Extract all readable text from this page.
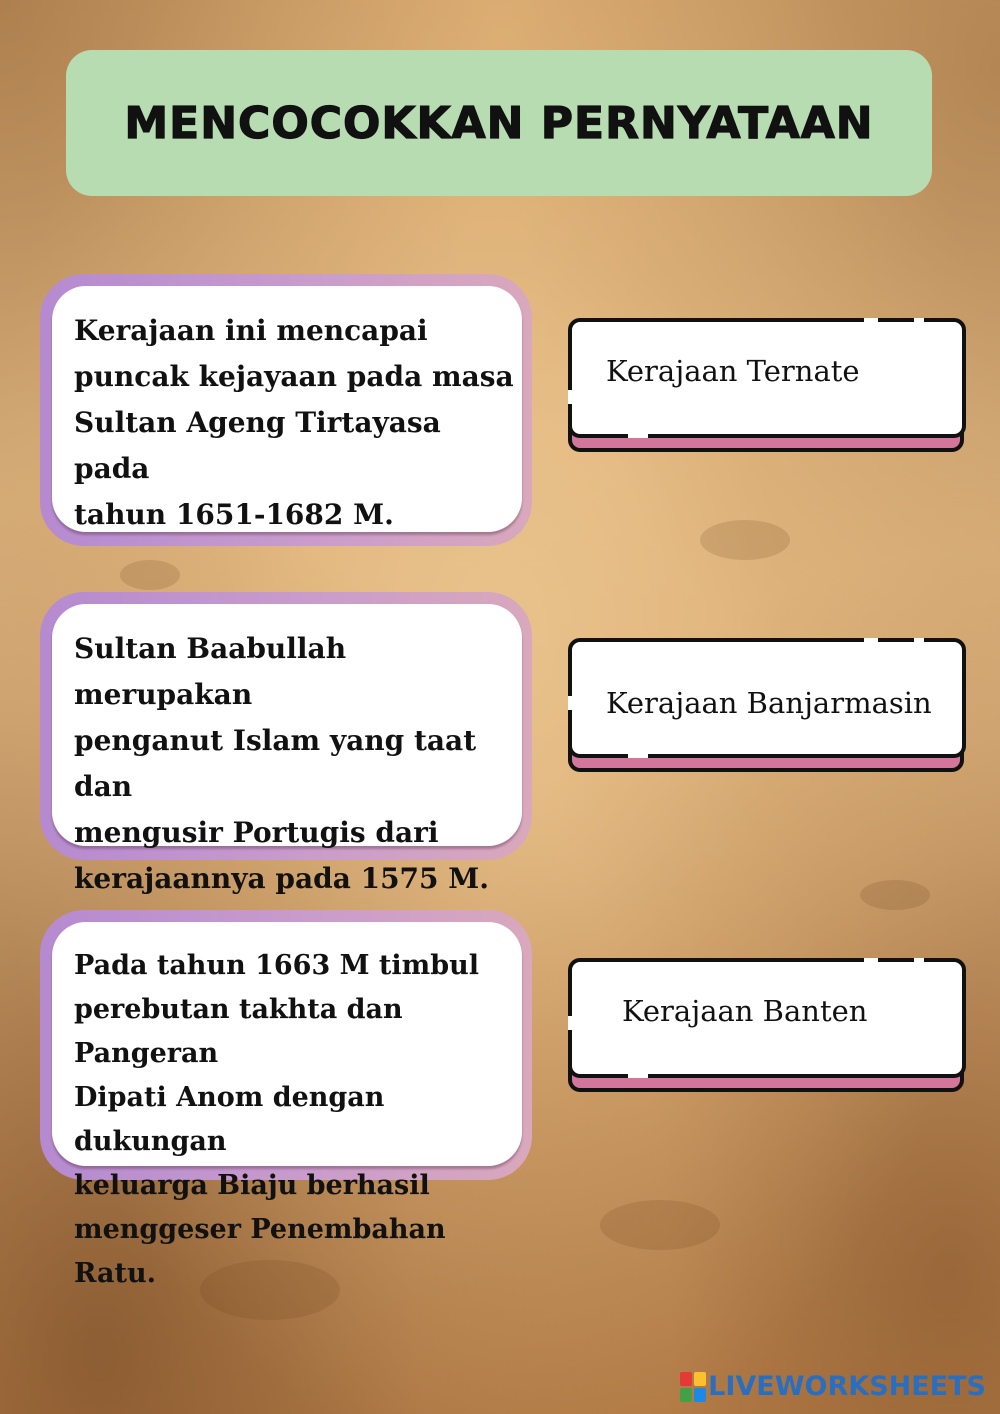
MENCOCOKKAN PERNYATAAN
Kerajaan ini mencapai
puncak kejayaan pada masa
Sultan Ageng Tirtayasa pada
tahun 1651-1682 M.
Sultan Baabullah merupakan
penganut Islam yang taat dan
mengusir Portugis dari
kerajaannya pada 1575 M.
Pada tahun 1663 M timbul
perebutan takhta dan Pangeran
Dipati Anom dengan dukungan
keluarga Biaju berhasil
menggeser Penembahan Ratu.
Kerajaan Ternate
Kerajaan Banjarmasin
Kerajaan Banten
LIVEWORKSHEETS
